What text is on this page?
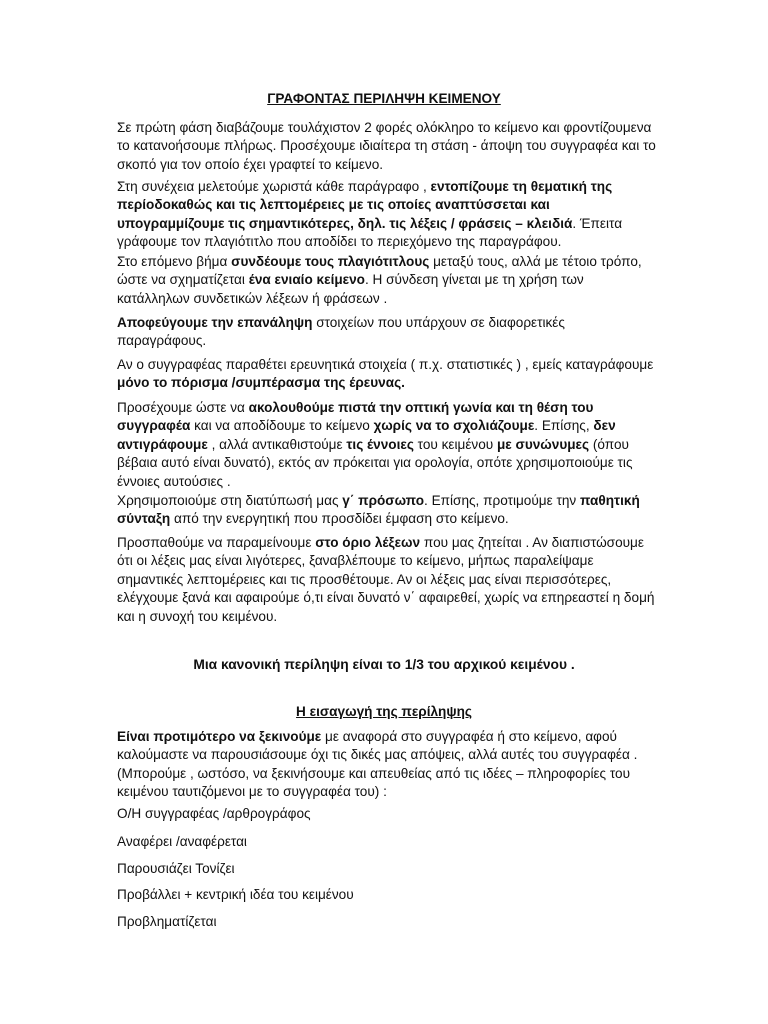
ΓΡΑΦΟΝΤΑΣ ΠΕΡΙΛΗΨΗ ΚΕΙΜΕΝΟΥ

Σε πρώτη φάση διαβάζουμε τουλάχιστον 2 φορές ολόκληρο το κείμενο και φροντίζουμενα το κατανοήσουμε πλήρως. Προσέχουμε ιδιαίτερα τη στάση - άποψη του συγγραφέα και το σκοπό για τον οποίο έχει γραφτεί το κείμενο.

Στη συνέχεια μελετούμε χωριστά κάθε παράγραφο , εντοπίζουμε τη θεματική της περίοδοκαθώς και τις λεπτομέρειες με τις οποίες αναπτύσσεται και υπογραμμίζουμε τις σημαντικότερες, δηλ. τις λέξεις / φράσεις – κλειδιά. Έπειτα γράφουμε τον πλαγιότιτλο που αποδίδει το περιεχόμενο της παραγράφου.

Στο επόμενο βήμα συνδέουμε τους πλαγιότιτλους μεταξύ τους, αλλά με τέτοιο τρόπο, ώστε να σχηματίζεται ένα ενιαίο κείμενο. Η σύνδεση γίνεται με τη χρήση των κατάλληλων συνδετικών λέξεων ή φράσεων .

Αποφεύγουμε την επανάληψη στοιχείων που υπάρχουν σε διαφορετικές παραγράφους.

Αν ο συγγραφέας παραθέτει ερευνητικά στοιχεία ( π.χ. στατιστικές ) , εμείς καταγράφουμε μόνο το πόρισμα /συμπέρασμα της έρευνας.

Προσέχουμε ώστε να ακολουθούμε πιστά την οπτική γωνία και τη θέση του συγγραφέα και να αποδίδουμε το κείμενο χωρίς να το σχολιάζουμε. Επίσης, δεν αντιγράφουμε , αλλά αντικαθιστούμε τις έννοιες του κειμένου με συνώνυμες (όπου βέβαια αυτό είναι δυνατό), εκτός αν πρόκειται για ορολογία, οπότε χρησιμοποιούμε τις έννοιες αυτούσιες .

Χρησιμοποιούμε στη διατύπωσή μας γ΄ πρόσωπο. Επίσης, προτιμούμε την παθητική σύνταξη από την ενεργητική που προσδίδει έμφαση στο κείμενο.

Προσπαθούμε να παραμείνουμε στο όριο λέξεων που μας ζητείται . Αν διαπιστώσουμε ότι οι λέξεις μας είναι λιγότερες, ξαναβλέπουμε το κείμενο, μήπως παραλείψαμε σημαντικές λεπτομέρειες και τις προσθέτουμε. Αν οι λέξεις μας είναι περισσότερες, ελέγχουμε ξανά και αφαιρούμε ό,τι είναι δυνατό ν΄ αφαιρεθεί, χωρίς να επηρεαστεί η δομή και η συνοχή του κειμένου.

Μια κανονική περίληψη είναι το 1/3 του αρχικού κειμένου .
Η εισαγωγή της περίληψης

Είναι προτιμότερο να ξεκινούμε με αναφορά στο συγγραφέα ή στο κείμενο, αφού καλούμαστε να παρουσιάσουμε όχι τις δικές μας απόψεις, αλλά αυτές του συγγραφέα . (Μπορούμε , ωστόσο, να ξεκινήσουμε και απευθείας από τις ιδέες – πληροφορίες του κειμένου ταυτιζόμενοι με το συγγραφέα του) :

Ο/Η συγγραφέας /αρθρογράφος

Αναφέρει /αναφέρεται

Παρουσιάζει Τονίζει

Προβάλλει + κεντρική ιδέα του κειμένου

Προβληματίζεται
